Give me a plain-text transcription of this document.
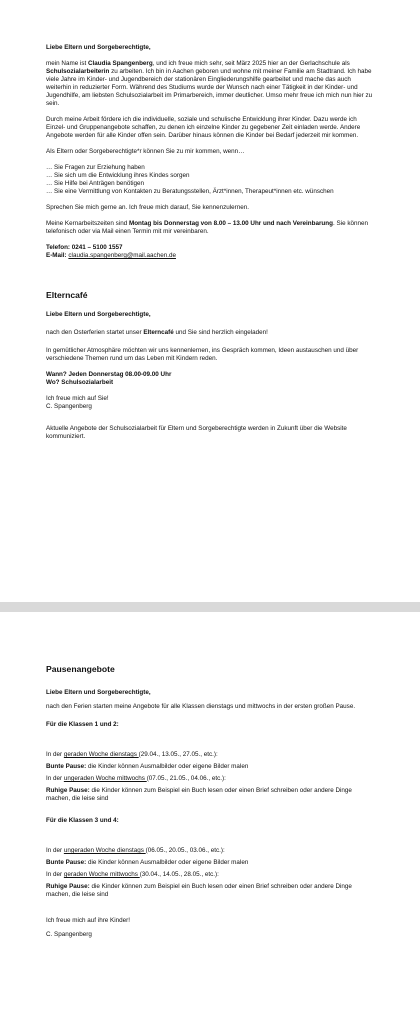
Liebe Eltern und Sorgeberechtigte,

mein Name ist Claudia Spangenberg, und ich freue mich sehr, seit März 2025 hier an der Gerlachschule als Schulsozialarbeiterin zu arbeiten. Ich bin in Aachen geboren und wohne mit meiner Familie am Stadtrand. Ich habe viele Jahre im Kinder- und Jugendbereich der stationären Eingliederungshilfe gearbeitet und mache das auch weiterhin in reduzierter Form. Während des Studiums wurde der Wunsch nach einer Tätigkeit in der Kinder- und Jugendhilfe, am liebsten Schulsozialarbeit im Primarbereich, immer deutlicher. Umso mehr freue ich mich nun hier zu sein.

Durch meine Arbeit fördere ich die individuelle, soziale und schulische Entwicklung ihrer Kinder. Dazu werde ich Einzel- und Gruppenangebote schaffen, zu denen ich einzelne Kinder zu gegebener Zeit einladen werde. Andere Angebote werden für alle Kinder offen sein. Darüber hinaus können die Kinder bei Bedarf jederzeit mir kommen.

Als Eltern oder Sorgeberechtigte*r können Sie zu mir kommen, wenn…

… Sie Fragen zur Erziehung haben

… Sie sich um die Entwicklung ihres Kindes sorgen

… Sie Hilfe bei Anträgen benötigen

… Sie eine Vermittlung von Kontakten zu Beratungsstellen, Ärzt*innen, Therapeut*innen etc. wünschen

Sprechen Sie mich gerne an. Ich freue mich darauf, Sie kennenzulernen.

Meine Kernarbeitszeiten sind Montag bis Donnerstag von 8.00 – 13.00 Uhr und nach Vereinbarung. Sie können telefonisch oder via Mail einen Termin mit mir vereinbaren.

Telefon: 0241 – 5100 1557

E-Mail: claudia.spangenberg@mail.aachen.de

Elterncafé

Liebe Eltern und Sorgeberechtigte,

nach den Osterferien startet unser Elterncafé und Sie sind herzlich eingeladen!

In gemütlicher Atmosphäre möchten wir uns kennenlernen, ins Gespräch kommen, Ideen austauschen und über verschiedene Themen rund um das Leben mit Kindern reden.

Wann? Jeden Donnerstag 08.00-09.00 Uhr

Wo? Schulsozialarbeit

Ich freue mich auf Sie!

C. Spangenberg

Aktuelle Angebote der Schulsozialarbeit für Eltern und Sorgeberechtigte werden in Zukunft über die Website kommuniziert.

Pausenangebote

Liebe Eltern und Sorgeberechtigte,

nach den Ferien starten meine Angebote für alle Klassen dienstags und mittwochs in der ersten großen Pause.

Für die Klassen 1 und 2:

In der geraden Woche dienstags (29.04., 13.05., 27.05., etc.):

Bunte Pause: die Kinder können Ausmalbilder oder eigene Bilder malen

In der ungeraden Woche mittwochs (07.05., 21.05., 04.06., etc.):

Ruhige Pause: die Kinder können zum Beispiel ein Buch lesen oder einen Brief schreiben oder andere Dinge machen, die leise sind

Für die Klassen 3 und 4:

In der ungeraden Woche dienstags (06.05., 20.05., 03.06., etc.):

Bunte Pause: die Kinder können Ausmalbilder oder eigene Bilder malen

In der geraden Woche mittwochs (30.04., 14.05., 28.05., etc.):

Ruhige Pause: die Kinder können zum Beispiel ein Buch lesen oder einen Brief schreiben oder andere Dinge machen, die leise sind

Ich freue mich auf ihre Kinder!

C. Spangenberg
